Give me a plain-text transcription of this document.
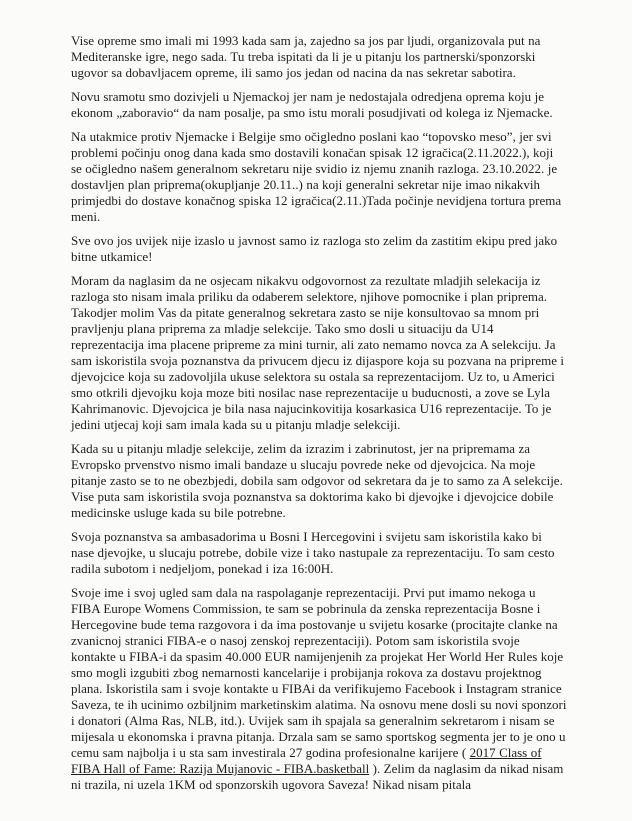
Vise opreme smo imali mi 1993 kada sam ja, zajedno sa jos par ljudi, organizovala put na Mediteranske igre, nego sada. Tu treba ispitati da li je u pitanju los partnerski/sponzorski ugovor sa dobavljacem opreme, ili samo jos jedan od nacina da nas sekretar sabotira.

Novu sramotu smo dozivjeli u Njemackoj jer nam je nedostajala odredjena oprema koju je ekonom „zaboravio“ da nam posalje, pa smo istu morali posudjivati od kolega iz Njemacke.

Na utakmice protiv Njemacke i Belgije smo očigledno poslani kao “topovsko meso”, jer svi problemi počinju onog dana kada smo dostavili konačan spisak 12 igračica(2.11.2022.), koji se očigledno našem generalnom sekretaru nije svidio iz njemu znanih razloga. 23.10.2022. je dostavljen plan priprema(okupljanje 20.11..) na koji generalni sekretar nije imao nikakvih primjedbi do dostave konačnog spiska 12 igračica(2.11.)Tada počinje nevidjena tortura prema meni.

Sve ovo jos uvijek nije izaslo u javnost samo iz razloga sto zelim da zastitim ekipu pred jako bitne utkamice!

Moram da naglasim da ne osjecam nikakvu odgovornost za rezultate mladjih selekacija iz razloga sto nisam imala priliku da odaberem selektore, njihove pomocnike i plan priprema. Takodjer molim Vas da pitate generalnog sekretara zasto se nije konsultovao sa mnom pri pravljenju plana priprema za mladje selekcije. Tako smo dosli u situaciju da U14 reprezentacija ima placene pripreme za mini turnir, ali zato nemamo novca za A selekciju. Ja sam iskoristila svoja poznanstva da privucem djecu iz dijaspore koja su pozvana na pripreme i djevojcice koja su zadovoljila ukuse selektora su ostala sa reprezentacijom. Uz to, u Americi smo otkrili djevojku koja moze biti nosilac nase reprezentacije u buducnosti, a zove se Lyla Kahrimanovic. Djevojcica je bila nasa najucinkovitija kosarkasica U16 reprezentacije. To je jedini utjecaj koji sam imala kada su u pitanju mladje selekciji.

Kada su u pitanju mladje selekcije, zelim da izrazim i zabrinutost, jer na pripremama za Evropsko prvenstvo nismo imali bandaze u slucaju povrede neke od djevojcica. Na moje pitanje zasto se to ne obezbjedi, dobila sam odgovor od sekretara da je to samo za A selekcije. Vise puta sam iskoristila svoja poznanstva sa doktorima kako bi djevojke i djevojcice dobile medicinske usluge kada su bile potrebne.

Svoja poznanstva sa ambasadorima u Bosni I Hercegovini i svijetu sam iskoristila kako bi nase djevojke, u slucaju potrebe, dobile vize i tako nastupale za reprezentaciju. To sam cesto radila subotom i nedjeljom, ponekad i iza 16:00H.

Svoje ime i svoj ugled sam dala na raspolaganje reprezentaciji. Prvi put imamo nekoga u FIBA Europe Womens Commission, te sam se pobrinula da zenska reprezentacija Bosne i Hercegovine bude tema razgovora i da ima postovanje u svijetu kosarke (procitajte clanke na zvanicnoj stranici FIBA-e o nasoj zenskoj reprezentaciji). Potom sam iskoristila svoje kontakte u FIBA-i da spasim 40.000 EUR namijenjenih za projekat Her World Her Rules koje smo mogli izgubiti zbog nemarnosti kancelarije i probijanja rokova za dostavu projektnog plana. Iskoristila sam i svoje kontakte u FIBAi da verifikujemo Facebook i Instagram stranice Saveza, te ih ucinimo ozbiljnim marketinskim alatima. Na osnovu mene dosli su novi sponzori i donatori (Alma Ras, NLB, itd.). Uvijek sam ih spajala sa generalnim sekretarom i nisam se mijesala u ekonomska i pravna pitanja. Drzala sam se samo sportskog segmenta jer to je ono u cemu sam najbolja i u sta sam investirala 27 godina profesionalne karijere ( 2017 Class of FIBA Hall of Fame: Razija Mujanovic - FIBA.basketball ). Zelim da naglasim da nikad nisam ni trazila, ni uzela 1KM od sponzorskih ugovora Saveza! Nikad nisam pitala
